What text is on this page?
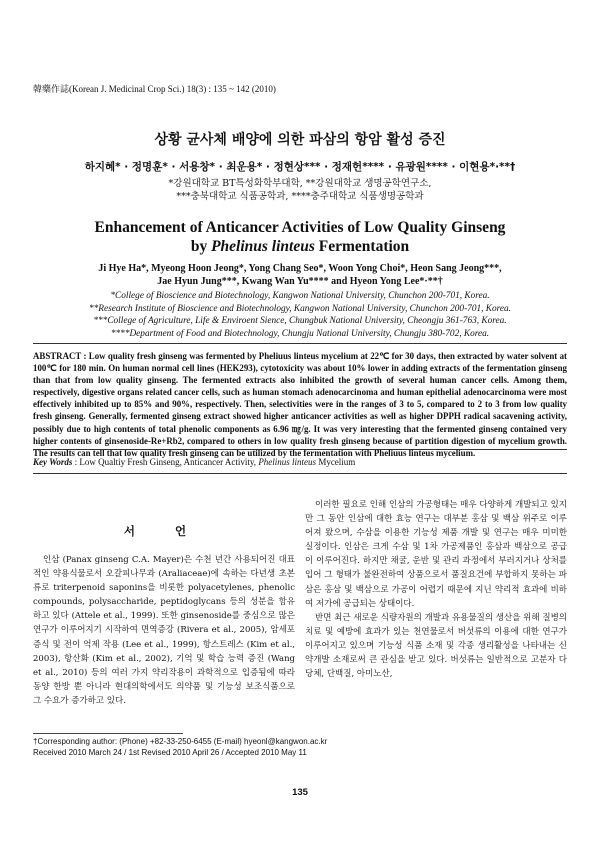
韓藥作誌(Korean J. Medicinal Crop Sci.) 18(3) : 135 ~ 142 (2010)
상황 균사체 배양에 의한 파삼의 항암 활성 증진
하지혜* · 정명훈* · 서용창* · 최운용* · 정현상*** · 정재헌**** · 유광원**** · 이현용*·**†
*강원대학교 BT특성화학부대학, **강원대학교 생명공학연구소,
***충북대학교 식품공학과, ****충주대학교 식품생명공학과
Enhancement of Anticancer Activities of Low Quality Ginseng
by Phelinus linteus Fermentation
Ji Hye Ha*, Myeong Hoon Jeong*, Yong Chang Seo*, Woon Yong Choi*, Heon Sang Jeong***,
Jae Hyun Jung***, Kwang Wan Yu**** and Hyeon Yong Lee*·**†
*College of Bioscience and Biotechnology, Kangwon National University, Chunchon 200-701, Korea.
**Research Institute of Bioscience and Biotechnology, Kangwon National University, Chunchon 200-701, Korea.
***College of Agriculture, Life & Enviroent Sience, Chungbuk National University, Cheongju 361-763, Korea.
****Department of Food and Biotechnology, Chungju National University, Chungju 380-702, Korea.
ABSTRACT : Low quality fresh ginseng was fermented by Pheliuus linteus mycelium at 22℃ for 30 days, then extracted by water solvent at 100℃ for 180 min. On human normal cell lines (HEK293), cytotoxicity was about 10% lower in adding extracts of the fermentation ginseng than that from low quality ginseng. The fermented extracts also inhibited the growth of several human cancer cells. Among them, respectively, digestive organs related cancer cells, such as human stomach adenocarcinoma and human epithelial adenocarcinoma were most effectively inhibited up to 85% and 90%, respectively. Then, selectivities were in the ranges of 3 to 5, compared to 2 to 3 from low quality fresh ginseng. Generally, fermented ginseng extract showed higher anticancer activities as well as higher DPPH radical sacavening activity, possibly due to high contents of total phenolic components as 6.96 ㎎/g. It was very interesting that the fermented ginseng contained very higher contents of ginsenoside-Re+Rb2, compared to others in low quality fresh ginseng because of partition digestion of mycelium growth. The results can tell that low quality fresh ginseng can be utilized by the fermentation with Pheliuus linteus mycelium.
Key Words : Low Qualtiy Fresh Ginseng, Anticancer Activity, Phelinus linteus Mycelium
서 언

인삼 (Panax ginseng C.A. Mayer)은 수천 년간 사용되어진 대표적인 약용식물로서 오갈피나무과 (Araliaceae)에 속하는 다년생 초본류로 triterpenoid saponins을 비롯한 polyacetylenes, phenolic compounds, polysaccharide, peptidoglycans 등의 성분을 함유하고 있다 (Attele et al., 1999). 또한 ginsenoside를 중심으로 많은 연구가 이루어지기 시작하여 면역증강 (Rivera et al., 2005), 암세포 증식 및 전이 억제 작용 (Lee et al., 1999), 항스트레스 (Kim et al., 2003), 항산화 (Kim et al., 2002), 기억 및 학습 능력 증진 (Wang et al., 2010) 등의 여러 가지 약리작용이 과학적으로 입증됨에 따라 동양 한방 뿐 아니라 현대의학에서도 의약품 및 기능성 보조식품으로 그 수요가 증가하고 있다.

이러한 필요로 인해 인삼의 가공형태는 매우 다양하게 개발되고 있지만 그 동안 인삼에 대한 효능 연구는 대부분 홍삼 및 백삼 위주로 이루어져 왔으며, 수삼을 이용한 기능성 제품 개발 및 연구는 매우 미미한 실정이다. 인삼은 크게 수삼 및 1차 가공제품인 홍삼과 백삼으로 공급이 이루어진다. 하지만 채굴, 운반 및 관리 과정에서 부러지거나 상처를 입어 그 형태가 불완전하여 상품으로서 품질요건에 부합하지 못하는 파삼은 홍삼 및 백삼으로 가공이 어렵기 때문에 지닌 약리적 효과에 비하여 저가에 공급되는 상태이다.

반면 최근 새로운 식량자원의 개발과 유용물질의 생산을 위해 질병의 치료 및 예방에 효과가 있는 천연물로서 버섯류의 이용에 대한 연구가 이루어지고 있으며 기능성 식품 소재 및 각종 생리활성을 나타내는 신약개발 소재로써 큰 관심을 받고 있다. 버섯류는 일반적으로 고분자 다당체, 단백질, 아미노산,

†Corresponding author: (Phone) +82-33-250-6455 (E-mail) hyeonl@kangwon.ac.kr
Received 2010 March 24 / 1st Revised 2010 April 26 / Accepted 2010 May 11
135
